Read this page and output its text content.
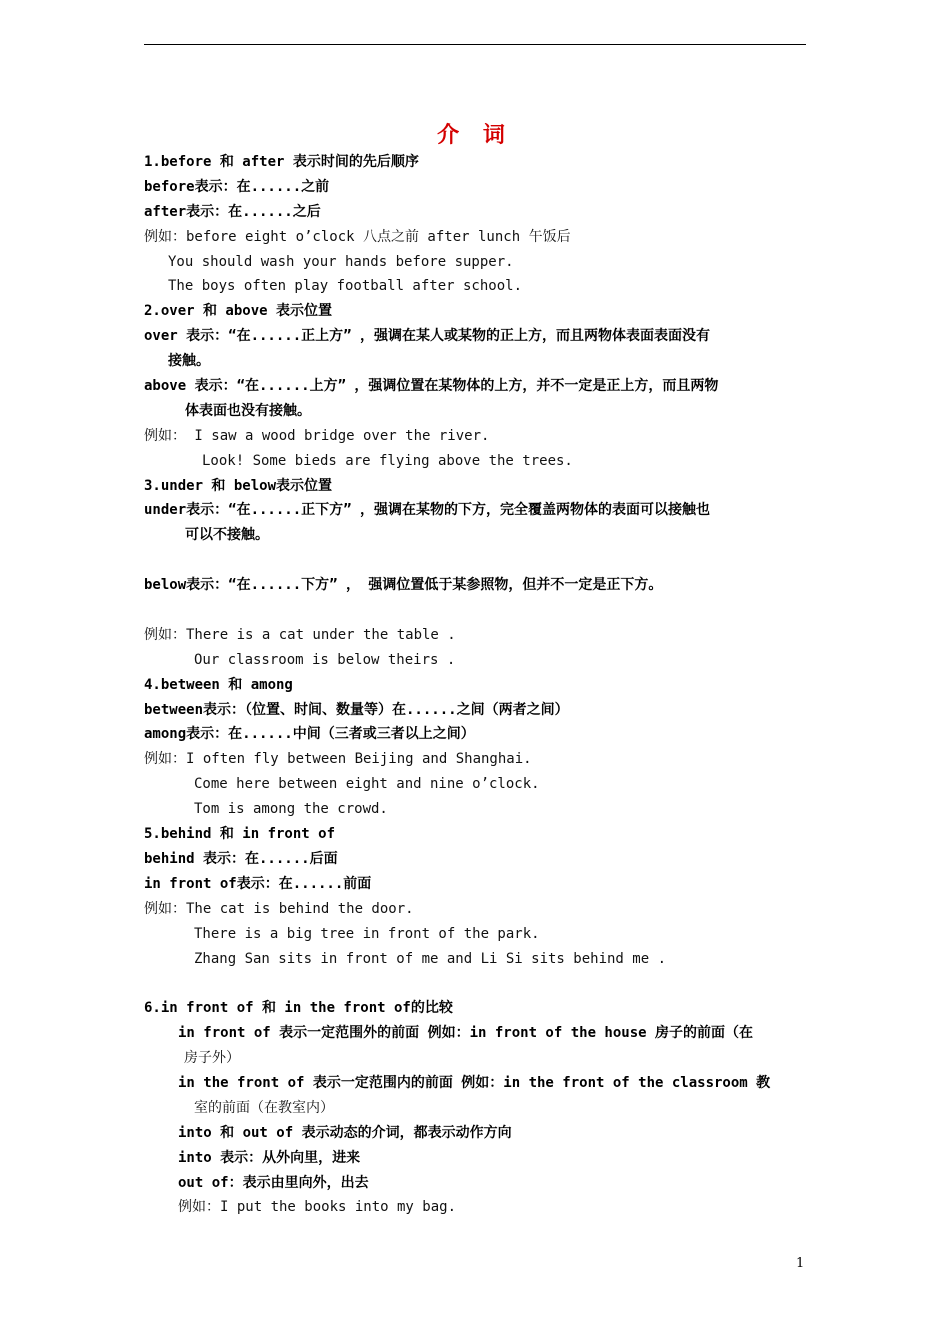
介 词
1.before 和 after 表示时间的先后顺序
before表示：在......之前
after表示：在......之后
例如：before eight o’clock 八点之前 after lunch 午饭后
You should wash your hands before supper.
The boys often play football after school.
2.over 和 above 表示位置
over 表示：“在......正上方” ，强调在某人或某物的正上方，而且两物体表面表面没有
接触。
above 表示：“在......上方” ，强调位置在某物体的上方，并不一定是正上方，而且两物
体表面也没有接触。
例如： I saw a wood bridge over the river.
Look! Some bieds are flying above the trees.
3.under 和 below表示位置
under表示：“在......正下方” ，强调在某物的下方，完全覆盖两物体的表面可以接触也
可以不接触。
below表示：“在......下方” ， 强调位置低于某参照物，但并不一定是正下方。
例如：There is a cat under the table .
Our classroom is below theirs .
4.between 和 among
between表示：（位置、时间、数量等）在......之间（两者之间）
among表示：在......中间（三者或三者以上之间）
例如：I often fly between Beijing and Shanghai.
Come here between eight and nine o’clock.
Tom is among the crowd.
5.behind 和 in front of
behind 表示：在......后面
in front of表示：在......前面
例如：The cat is behind the door.
There is a big tree in front of the park.
Zhang San sits in front of me and Li Si sits behind me .
6.in front of 和 in the front of的比较
in front of 表示一定范围外的前面 例如：in front of the house 房子的前面（在
房子外）
in the front of 表示一定范围内的前面 例如：in the front of the classroom 教
室的前面（在教室内）
into 和 out of 表示动态的介词，都表示动作方向
into 表示：从外向里，进来
out of：表示由里向外，出去
例如：I put the books into my bag.
1
